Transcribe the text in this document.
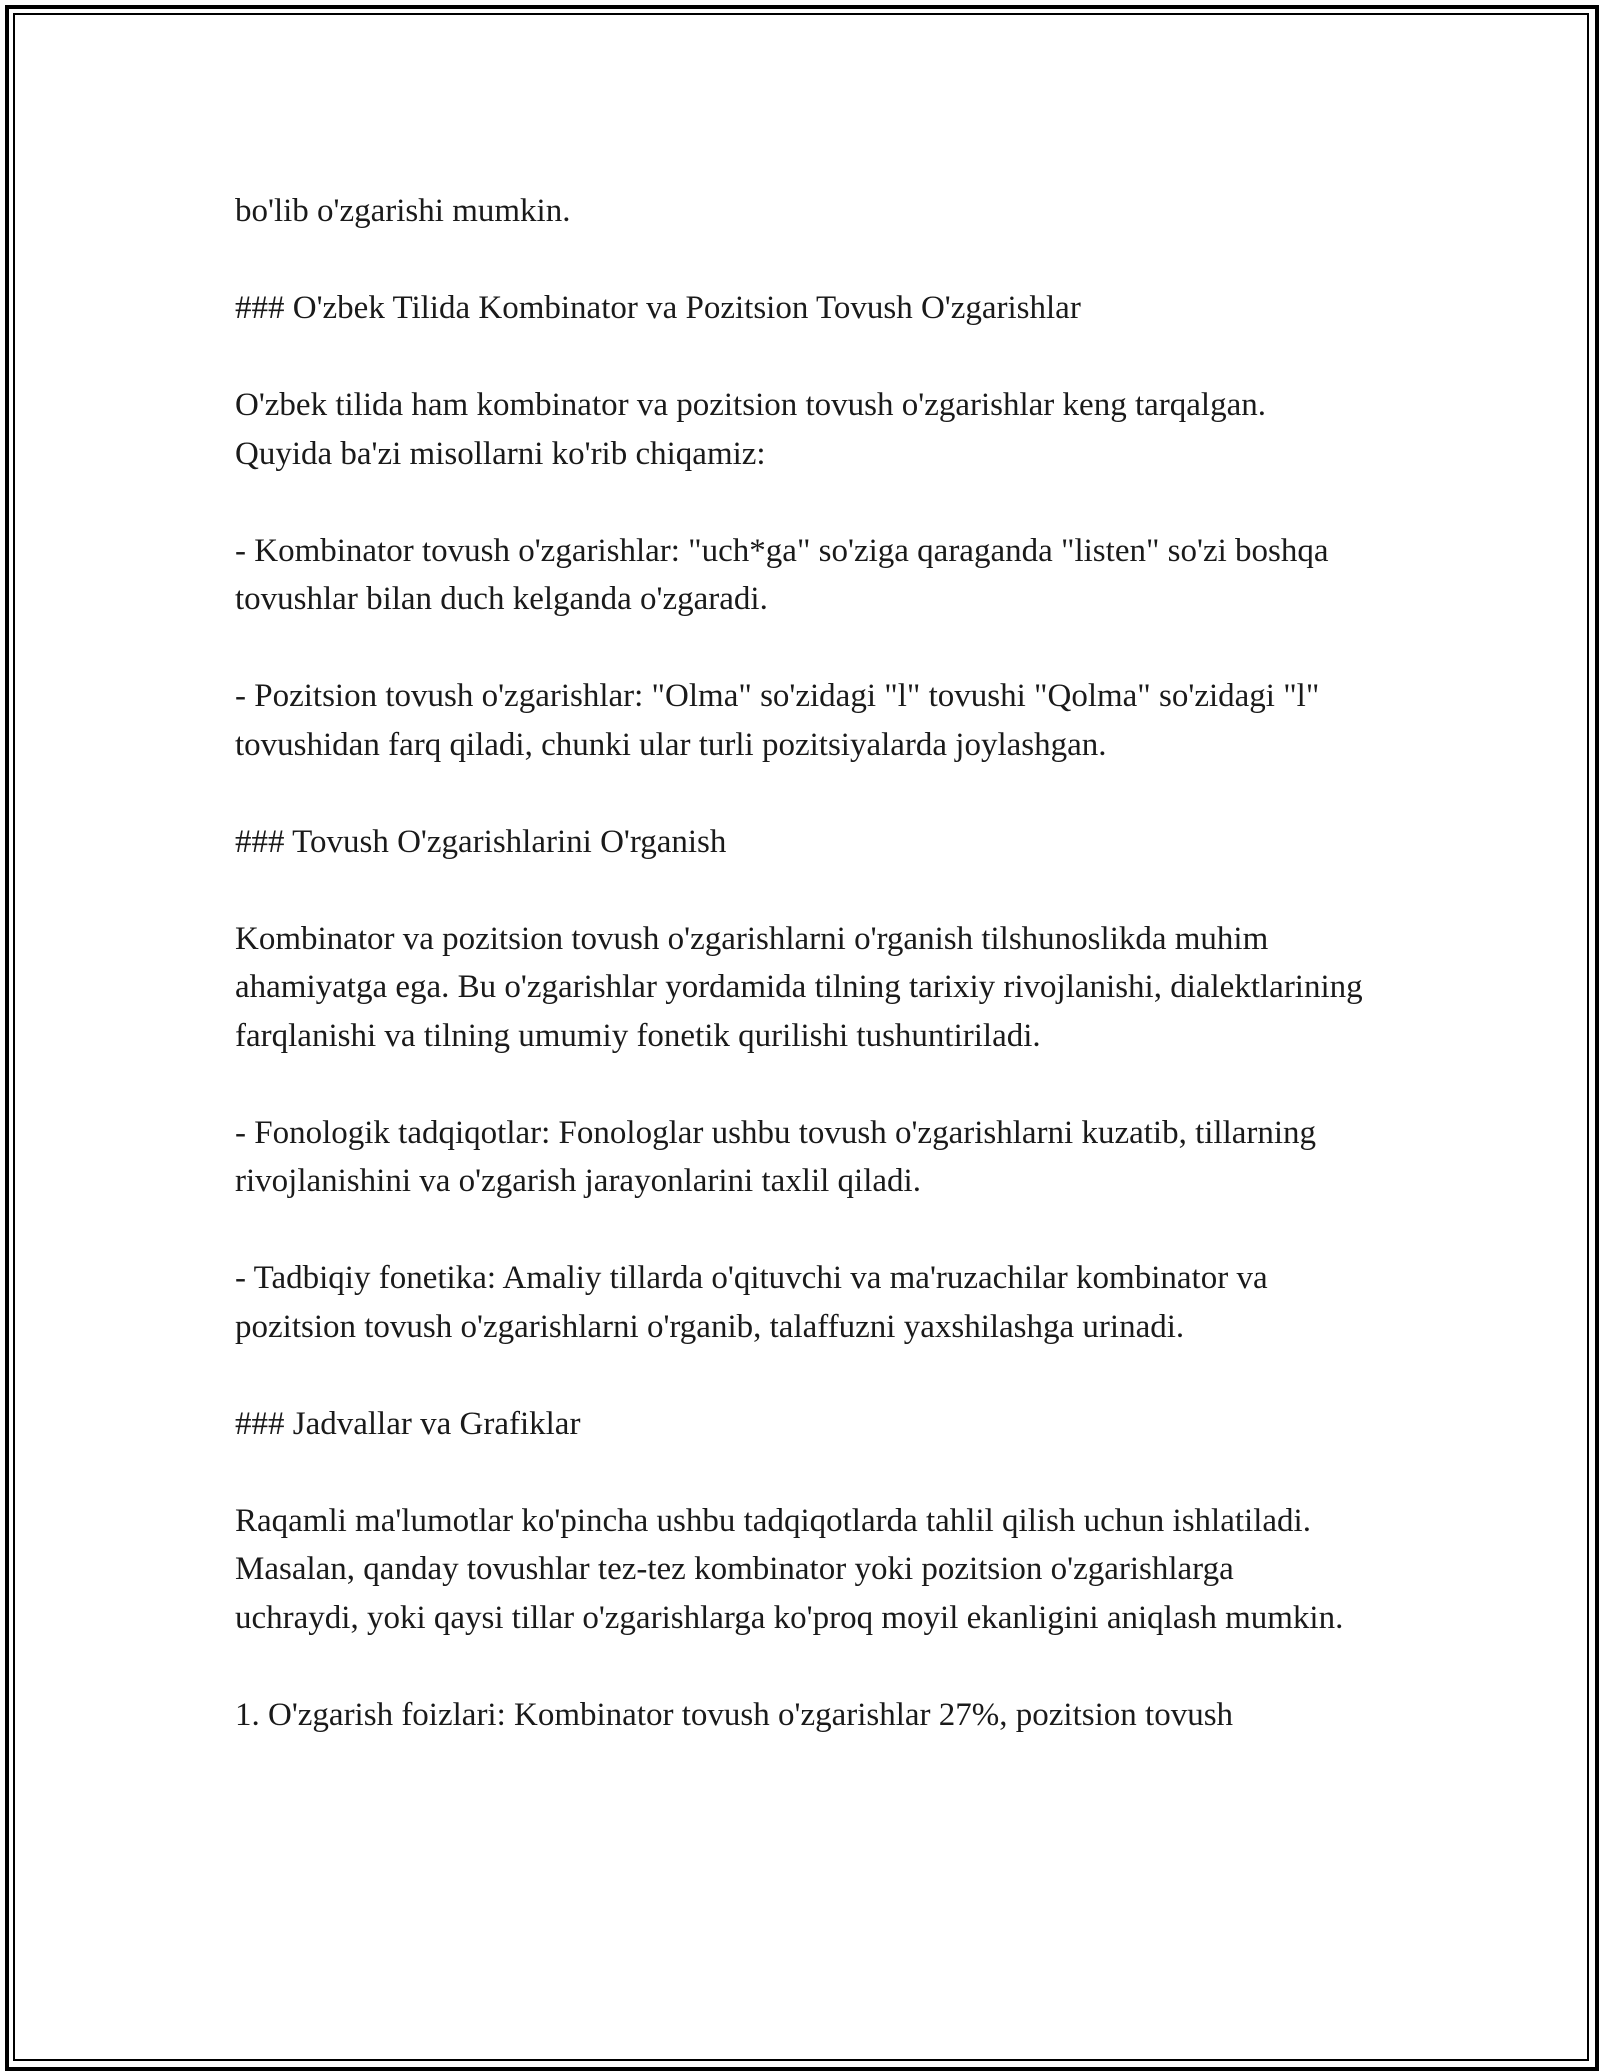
bo'lib o'zgarishi mumkin.

### O'zbek Tilida Kombinator va Pozitsion Tovush O'zgarishlar

O'zbek tilida ham kombinator va pozitsion tovush o'zgarishlar keng tarqalgan. Quyida ba'zi misollarni ko'rib chiqamiz:

- Kombinator tovush o'zgarishlar: "uch*ga" so'ziga qaraganda "listen" so'zi boshqa tovushlar bilan duch kelganda o'zgaradi.

- Pozitsion tovush o'zgarishlar: "Olma" so'zidagi "l" tovushi "Qolma" so'zidagi "l" tovushidan farq qiladi, chunki ular turli pozitsiyalarda joylashgan.

### Tovush O'zgarishlarini O'rganish

Kombinator va pozitsion tovush o'zgarishlarni o'rganish tilshunoslikda muhim ahamiyatga ega. Bu o'zgarishlar yordamida tilning tarixiy rivojlanishi, dialektlarining farqlanishi va tilning umumiy fonetik qurilishi tushuntiriladi.

- Fonologik tadqiqotlar: Fonologlar ushbu tovush o'zgarishlarni kuzatib, tillarning rivojlanishini va o'zgarish jarayonlarini taxlil qiladi.

- Tadbiqiy fonetika: Amaliy tillarda o'qituvchi va ma'ruzachilar kombinator va pozitsion tovush o'zgarishlarni o'rganib, talaffuzni yaxshilashga urinadi.

### Jadvallar va Grafiklar

Raqamli ma'lumotlar ko'pincha ushbu tadqiqotlarda tahlil qilish uchun ishlatiladi. Masalan, qanday tovushlar tez-tez kombinator yoki pozitsion o'zgarishlarga uchraydi, yoki qaysi tillar o'zgarishlarga ko'proq moyil ekanligini aniqlash mumkin.

1. O'zgarish foizlari: Kombinator tovush o'zgarishlar 27%, pozitsion tovush
